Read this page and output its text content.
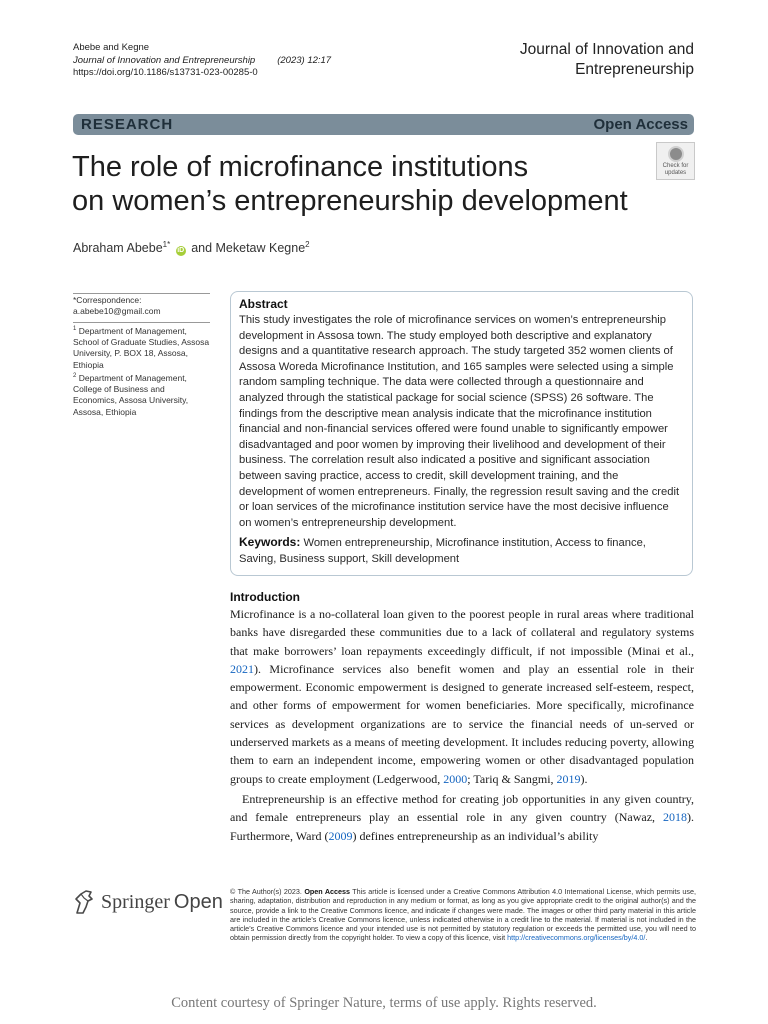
Abebe and Kegne
Journal of Innovation and Entrepreneurship (2023) 12:17
https://doi.org/10.1186/s13731-023-00285-0
Journal of Innovation and
Entrepreneurship
RESEARCH	Open Access
The role of microfinance institutions
on women’s entrepreneurship development
Check for
updates
Abraham Abebe$^{1*}$ iD and Meketaw Kegne$^2$
*Correspondence:
a.abebe10@gmail.com
$^1$ Department of Management, School of Graduate Studies, Assosa University, P. BOX 18, Assosa, Ethiopia
$^2$ Department of Management, College of Business and Economics, Assosa University, Assosa, Ethiopia
Abstract

This study investigates the role of microfinance services on women’s entrepreneurship development in Assosa town. The study employed both descriptive and explanatory designs and a quantitative research approach. The study targeted 352 women clients of Assosa Woreda Microfinance Institution, and 165 samples were selected using a simple random sampling technique. The data were collected through a questionnaire and analyzed through the statistical package for social science (SPSS) 26 software. The findings from the descriptive mean analysis indicate that the microfinance institution financial and non-financial services offered were found unable to significantly empower disadvantaged and poor women by improving their livelihood and development of their business. The correlation result also indicated a positive and significant association between saving practice, access to credit, skill development training, and the development of women entrepreneurs. Finally, the regression result saving and the credit or loan services of the microfinance institution service have the most decisive influence on women’s entrepreneurship development.

Keywords: Women entrepreneurship, Microfinance institution, Access to finance, Saving, Business support, Skill development

Introduction

Microfinance is a no-collateral loan given to the poorest people in rural areas where traditional banks have disregarded these communities due to a lack of collateral and regulatory systems that make borrowers’ loan repayments exceedingly difficult, if not impossible (Minai et al., 2021). Microfinance services also benefit women and play an essential role in their empowerment. Economic empowerment is designed to generate increased self-esteem, respect, and other forms of empowerment for women beneficiaries. More specifically, microfinance services as development organizations are to service the financial needs of un-served or underserved markets as a means of meeting development. It includes reducing poverty, allowing them to earn an independent income, empowering women or other disadvantaged population groups to create employment (Ledgerwood, 2000; Tariq & Sangmi, 2019).

Entrepreneurship is an effective method for creating job opportunities in any given country, and female entrepreneurs play an essential role in any given country (Nawaz, 2018). Furthermore, Ward (2009) defines entrepreneurship as an individual’s ability

Springer Open © The Author(s) 2023. Open Access This article is licensed under a Creative Commons Attribution 4.0 International License, which permits use, sharing, adaptation, distribution and reproduction in any medium or format, as long as you give appropriate credit to the original author(s) and the source, provide a link to the Creative Commons licence, and indicate if changes were made. The images or other third party material in this article are included in the article’s Creative Commons licence, unless indicated otherwise in a credit line to the material. If material is not included in the article’s Creative Commons licence and your intended use is not permitted by statutory regulation or exceeds the permitted use, you will need to obtain permission directly from the copyright holder. To view a copy of this licence, visit http://creativecommons.org/licenses/by/4.0/.
Content courtesy of Springer Nature, terms of use apply. Rights reserved.
